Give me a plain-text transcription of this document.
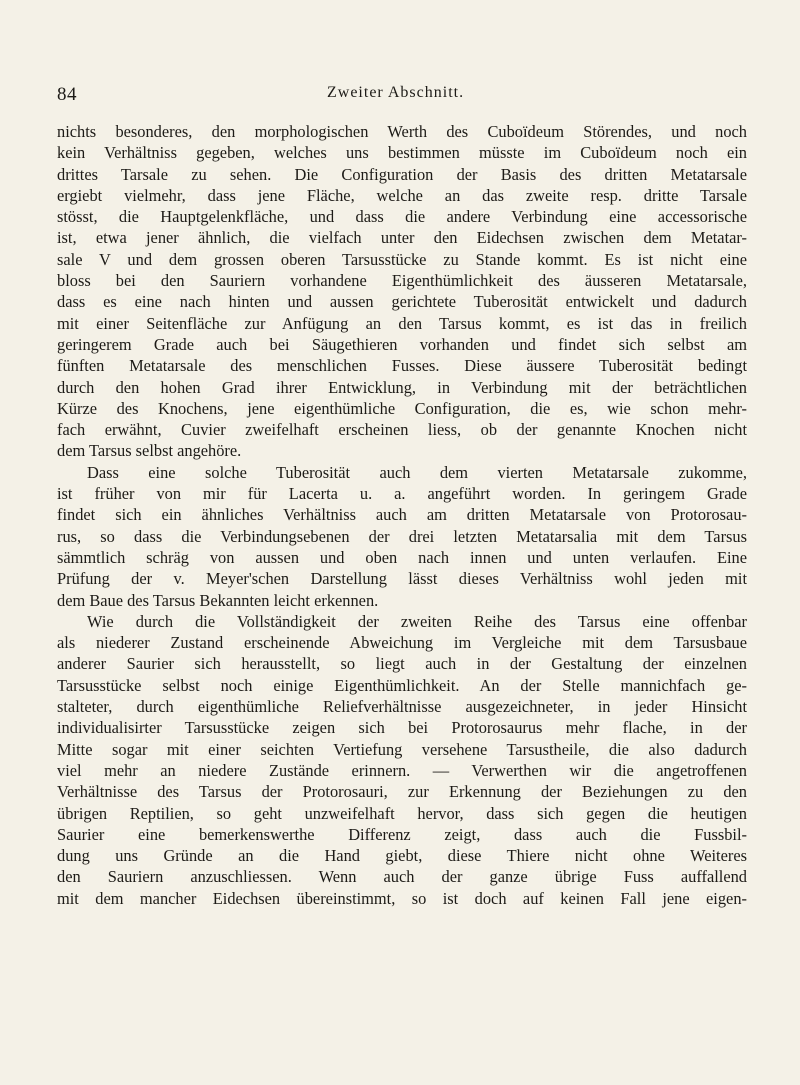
84	Zweiter Abschnitt.
nichts besonderes, den morphologischen Werth des Cuboïdeum Störendes, und noch
kein Verhältniss gegeben, welches uns bestimmen müsste im Cuboïdeum noch ein
drittes Tarsale zu sehen. Die Configuration der Basis des dritten Metatarsale
ergiebt vielmehr, dass jene Fläche, welche an das zweite resp. dritte Tarsale
stösst, die Hauptgelenkfläche, und dass die andere Verbindung eine accessorische
ist, etwa jener ähnlich, die vielfach unter den Eidechsen zwischen dem Metatar-
sale V und dem grossen oberen Tarsusstücke zu Stande kommt. Es ist nicht eine
bloss bei den Sauriern vorhandene Eigenthümlichkeit des äusseren Metatarsale,
dass es eine nach hinten und aussen gerichtete Tuberosität entwickelt und dadurch
mit einer Seitenfläche zur Anfügung an den Tarsus kommt, es ist das in freilich
geringerem Grade auch bei Säugethieren vorhanden und findet sich selbst am
fünften Metatarsale des menschlichen Fusses. Diese äussere Tuberosität bedingt
durch den hohen Grad ihrer Entwicklung, in Verbindung mit der beträchtlichen
Kürze des Knochens, jene eigenthümliche Configuration, die es, wie schon mehr-
fach erwähnt, Cuvier zweifelhaft erscheinen liess, ob der genannte Knochen nicht
dem Tarsus selbst angehöre.
Dass eine solche Tuberosität auch dem vierten Metatarsale zukomme,
ist früher von mir für Lacerta u. a. angeführt worden. In geringem Grade
findet sich ein ähnliches Verhältniss auch am dritten Metatarsale von Protorosau-
rus, so dass die Verbindungsebenen der drei letzten Metatarsalia mit dem Tarsus
sämmtlich schräg von aussen und oben nach innen und unten verlaufen. Eine
Prüfung der v. Meyer'schen Darstellung lässt dieses Verhältniss wohl jeden mit
dem Baue des Tarsus Bekannten leicht erkennen.
Wie durch die Vollständigkeit der zweiten Reihe des Tarsus eine offenbar
als niederer Zustand erscheinende Abweichung im Vergleiche mit dem Tarsusbaue
anderer Saurier sich herausstellt, so liegt auch in der Gestaltung der einzelnen
Tarsusstücke selbst noch einige Eigenthümlichkeit. An der Stelle mannichfach ge-
stalteter, durch eigenthümliche Reliefverhältnisse ausgezeichneter, in jeder Hinsicht
individualisirter Tarsusstücke zeigen sich bei Protorosaurus mehr flache, in der
Mitte sogar mit einer seichten Vertiefung versehene Tarsustheile, die also dadurch
viel mehr an niedere Zustände erinnern. — Verwerthen wir die angetroffenen
Verhältnisse des Tarsus der Protorosauri, zur Erkennung der Beziehungen zu den
übrigen Reptilien, so geht unzweifelhaft hervor, dass sich gegen die heutigen
Saurier eine bemerkenswerthe Differenz zeigt, dass auch die Fussbil-
dung uns Gründe an die Hand giebt, diese Thiere nicht ohne Weiteres
den Sauriern anzuschliessen. Wenn auch der ganze übrige Fuss auffallend
mit dem mancher Eidechsen übereinstimmt, so ist doch auf keinen Fall jene eigen-
